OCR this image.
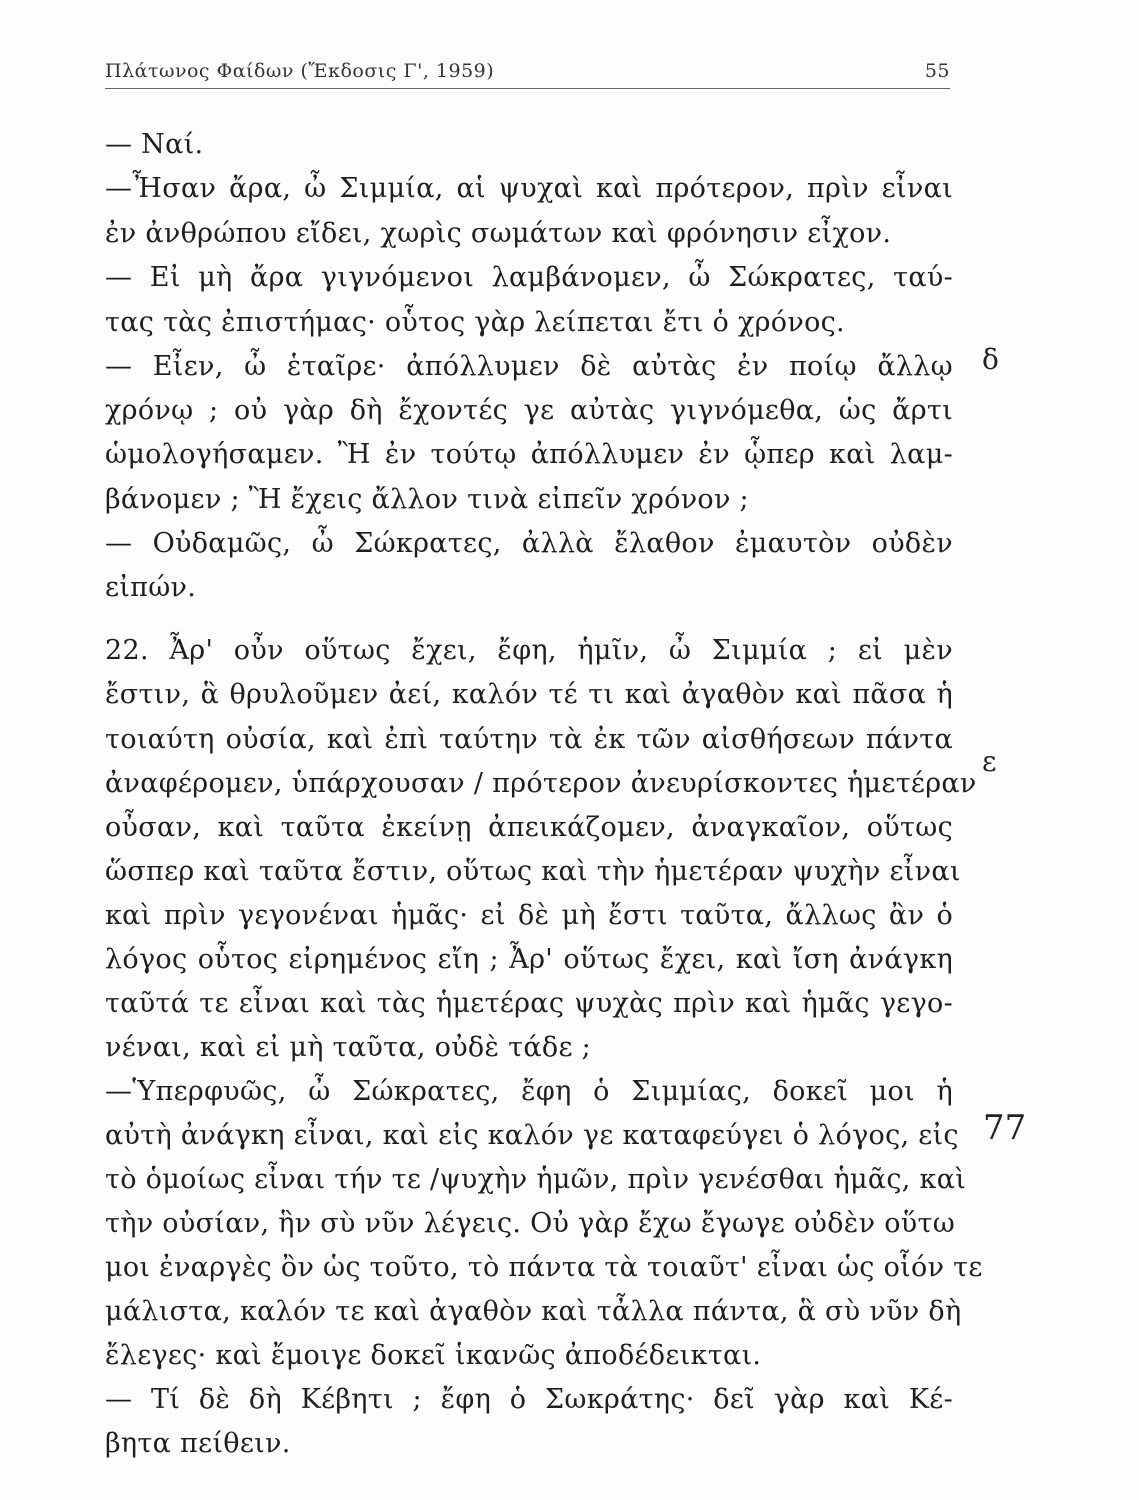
Πλάτωνος Φαίδων (Ἔκδοσις Γ', 1959)	55
— Ναί.
—Ἦσαν ἄρα, ὦ Σιμμία, αἱ ψυχαὶ καὶ πρότερον, πρὶν εἶναι
ἐν ἀνθρώπου εἴδει, χωρὶς σωμάτων καὶ φρόνησιν εἶχον.
— Εἰ μὴ ἄρα γιγνόμενοι λαμβάνομεν, ὦ Σώκρατες, ταύ-
τας τὰς ἐπιστήμας· οὗτος γὰρ λείπεται ἔτι ὁ χρόνος.
— Εἶεν, ὦ ἑταῖρε· ἀπόλλυμεν δὲ αὐτὰς ἐν ποίῳ ἄλλῳ
χρόνῳ ; οὐ γὰρ δὴ ἔχοντές γε αὐτὰς γιγνόμεθα, ὡς ἄρτι
ὡμολογήσαμεν. Ἢ ἐν τούτῳ ἀπόλλυμεν ἐν ᾧπερ καὶ λαμ-
βάνομεν ; Ἢ ἔχεις ἄλλον τινὰ εἰπεῖν χρόνον ;
— Οὐδαμῶς, ὦ Σώκρατες, ἀλλὰ ἔλαθον ἐμαυτὸν οὐδὲν
εἰπών.
22. Ἆρ' οὖν οὕτως ἔχει, ἔφη, ἡμῖν, ὦ Σιμμία ; εἰ μὲν
ἔστιν, ἃ θρυλοῦμεν ἀεί, καλόν τέ τι καὶ ἀγαθὸν καὶ πᾶσα ἡ
τοιαύτη οὐσία, καὶ ἐπὶ ταύτην τὰ ἐκ τῶν αἰσθήσεων πάντα
ἀναφέρομεν, ὑπάρχουσαν / πρότερον ἀνευρίσκοντες ἡμετέραν
οὖσαν, καὶ ταῦτα ἐκείνῃ ἀπεικάζομεν, ἀναγκαῖον, οὕτως
ὥσπερ καὶ ταῦτα ἔστιν, οὕτως καὶ τὴν ἡμετέραν ψυχὴν εἶναι
καὶ πρὶν γεγονέναι ἡμᾶς· εἰ δὲ μὴ ἔστι ταῦτα, ἄλλως ἂν ὁ
λόγος οὗτος εἰρημένος εἴη ; Ἆρ' οὕτως ἔχει, καὶ ἴση ἀνάγκη
ταῦτά τε εἶναι καὶ τὰς ἡμετέρας ψυχὰς πρὶν καὶ ἡμᾶς γεγο-
νέναι, καὶ εἰ μὴ ταῦτα, οὐδὲ τάδε ;
—Ὑπερφυῶς, ὦ Σώκρατες, ἔφη ὁ Σιμμίας, δοκεῖ μοι ἡ
αὐτὴ ἀνάγκη εἶναι, καὶ εἰς καλόν γε καταφεύγει ὁ λόγος, εἰς
τὸ ὁμοίως εἶναι τήν τε /ψυχὴν ἡμῶν, πρὶν γενέσθαι ἡμᾶς, καὶ
τὴν οὐσίαν, ἣν σὺ νῦν λέγεις. Οὐ γὰρ ἔχω ἔγωγε οὐδὲν οὕτω
μοι ἐναργὲς ὂν ὡς τοῦτο, τὸ πάντα τὰ τοιαῦτ' εἶναι ὡς οἷόν τε
μάλιστα, καλόν τε καὶ ἀγαθὸν καὶ τἆλλα πάντα, ἃ σὺ νῦν δὴ
ἔλεγες· καὶ ἔμοιγε δοκεῖ ἱκανῶς ἀποδέδεικται.
— Τί δὲ δὴ Κέβητι ; ἔφη ὁ Σωκράτης· δεῖ γὰρ καὶ Κέ-
βητα πείθειν.
δ
ε
77
